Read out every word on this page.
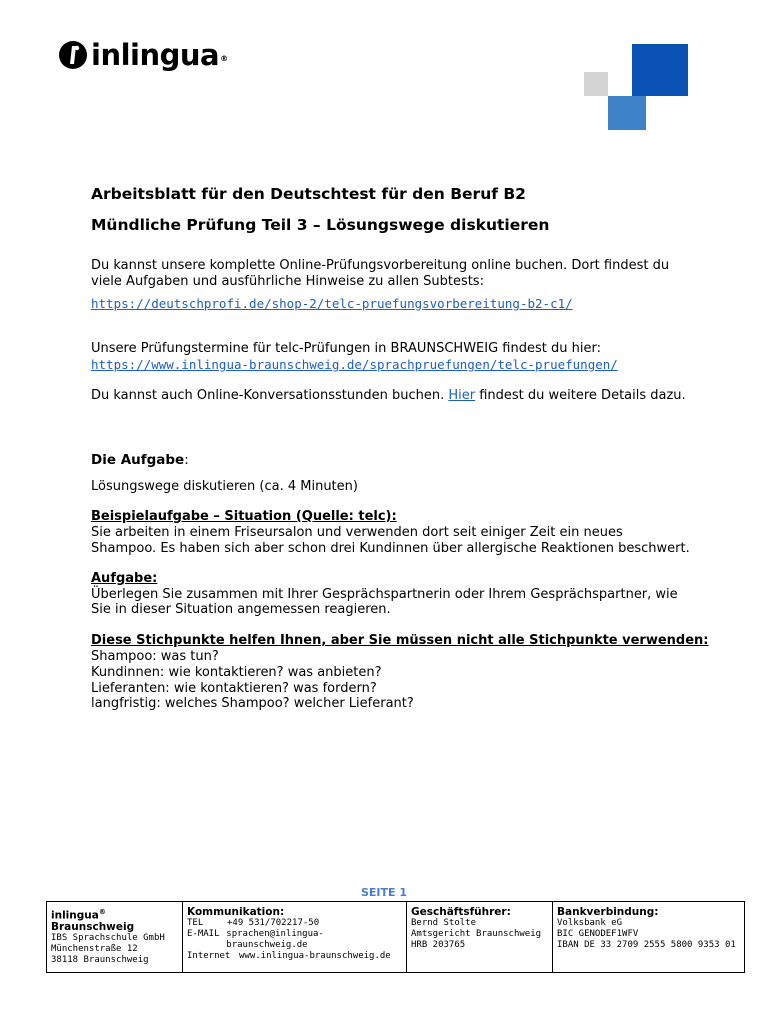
inlingua®
Arbeitsblatt für den Deutschtest für den Beruf B2
Mündliche Prüfung Teil 3 – Lösungswege diskutieren
Du kannst unsere komplette Online-Prüfungsvorbereitung online buchen. Dort findest du
viele Aufgaben und ausführliche Hinweise zu allen Subtests:
https://deutschprofi.de/shop-2/telc-pruefungsvorbereitung-b2-c1/
Unsere Prüfungstermine für telc-Prüfungen in BRAUNSCHWEIG findest du hier:
https://www.inlingua-braunschweig.de/sprachpruefungen/telc-pruefungen/
Du kannst auch Online-Konversationsstunden buchen. Hier findest du weitere Details dazu.
Die Aufgabe:
Lösungswege diskutieren (ca. 4 Minuten)
Beispielaufgabe – Situation (Quelle: telc):
Sie arbeiten in einem Friseursalon und verwenden dort seit einiger Zeit ein neues
Shampoo. Es haben sich aber schon drei Kundinnen über allergische Reaktionen beschwert.
Aufgabe:
Überlegen Sie zusammen mit Ihrer Gesprächspartnerin oder Ihrem Gesprächspartner, wie
Sie in dieser Situation angemessen reagieren.
Diese Stichpunkte helfen Ihnen, aber Sie müssen nicht alle Stichpunkte verwenden:
Shampoo: was tun?
Kundinnen: wie kontaktieren? was anbieten?
Lieferanten: wie kontaktieren? was fordern?
langfristig: welches Shampoo? welcher Lieferant?
SEITE 1
inlingua® Braunschweig
IBS Sprachschule GmbH
Münchenstraße 12
38118 Braunschweig

Kommunikation:
TEL	+49 531/702217-50
E-MAIL sprachen@inlingua-braunschweig.de
Internet www.inlingua-braunschweig.de

Geschäftsführer:
Bernd Stolte
Amtsgericht Braunschweig
HRB 203765

Bankverbindung:
Volksbank eG
BIC GENODEF1WFV
IBAN DE 33 2709 2555 5800 9353 01
